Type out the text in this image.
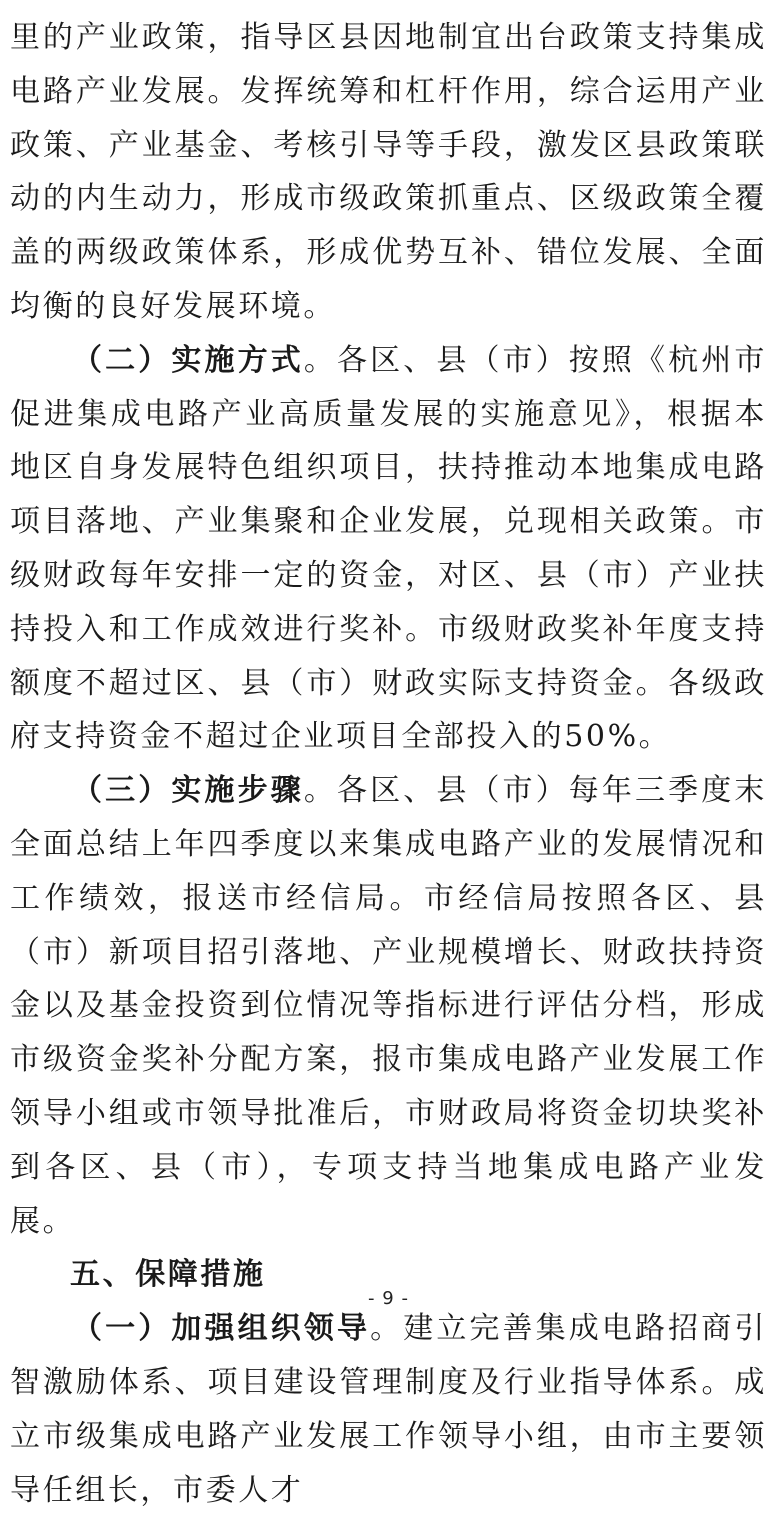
里的产业政策，指导区县因地制宜出台政策支持集成电路产业发展。发挥统筹和杠杆作用，综合运用产业政策、产业基金、考核引导等手段，激发区县政策联动的内生动力，形成市级政策抓重点、区级政策全覆盖的两级政策体系，形成优势互补、错位发展、全面均衡的良好发展环境。

（二）实施方式。各区、县（市）按照《杭州市促进集成电路产业高质量发展的实施意见》，根据本地区自身发展特色组织项目，扶持推动本地集成电路项目落地、产业集聚和企业发展，兑现相关政策。市级财政每年安排一定的资金，对区、县（市）产业扶持投入和工作成效进行奖补。市级财政奖补年度支持额度不超过区、县（市）财政实际支持资金。各级政府支持资金不超过企业项目全部投入的50%。

（三）实施步骤。各区、县（市）每年三季度末全面总结上年四季度以来集成电路产业的发展情况和工作绩效，报送市经信局。市经信局按照各区、县（市）新项目招引落地、产业规模增长、财政扶持资金以及基金投资到位情况等指标进行评估分档，形成市级资金奖补分配方案，报市集成电路产业发展工作领导小组或市领导批准后，市财政局将资金切块奖补到各区、县（市），专项支持当地集成电路产业发展。

五、保障措施

（一）加强组织领导。建立完善集成电路招商引智激励体系、项目建设管理制度及行业指导体系。成立市级集成电路产业发展工作领导小组，由市主要领导任组长，市委人才

- 9 -
